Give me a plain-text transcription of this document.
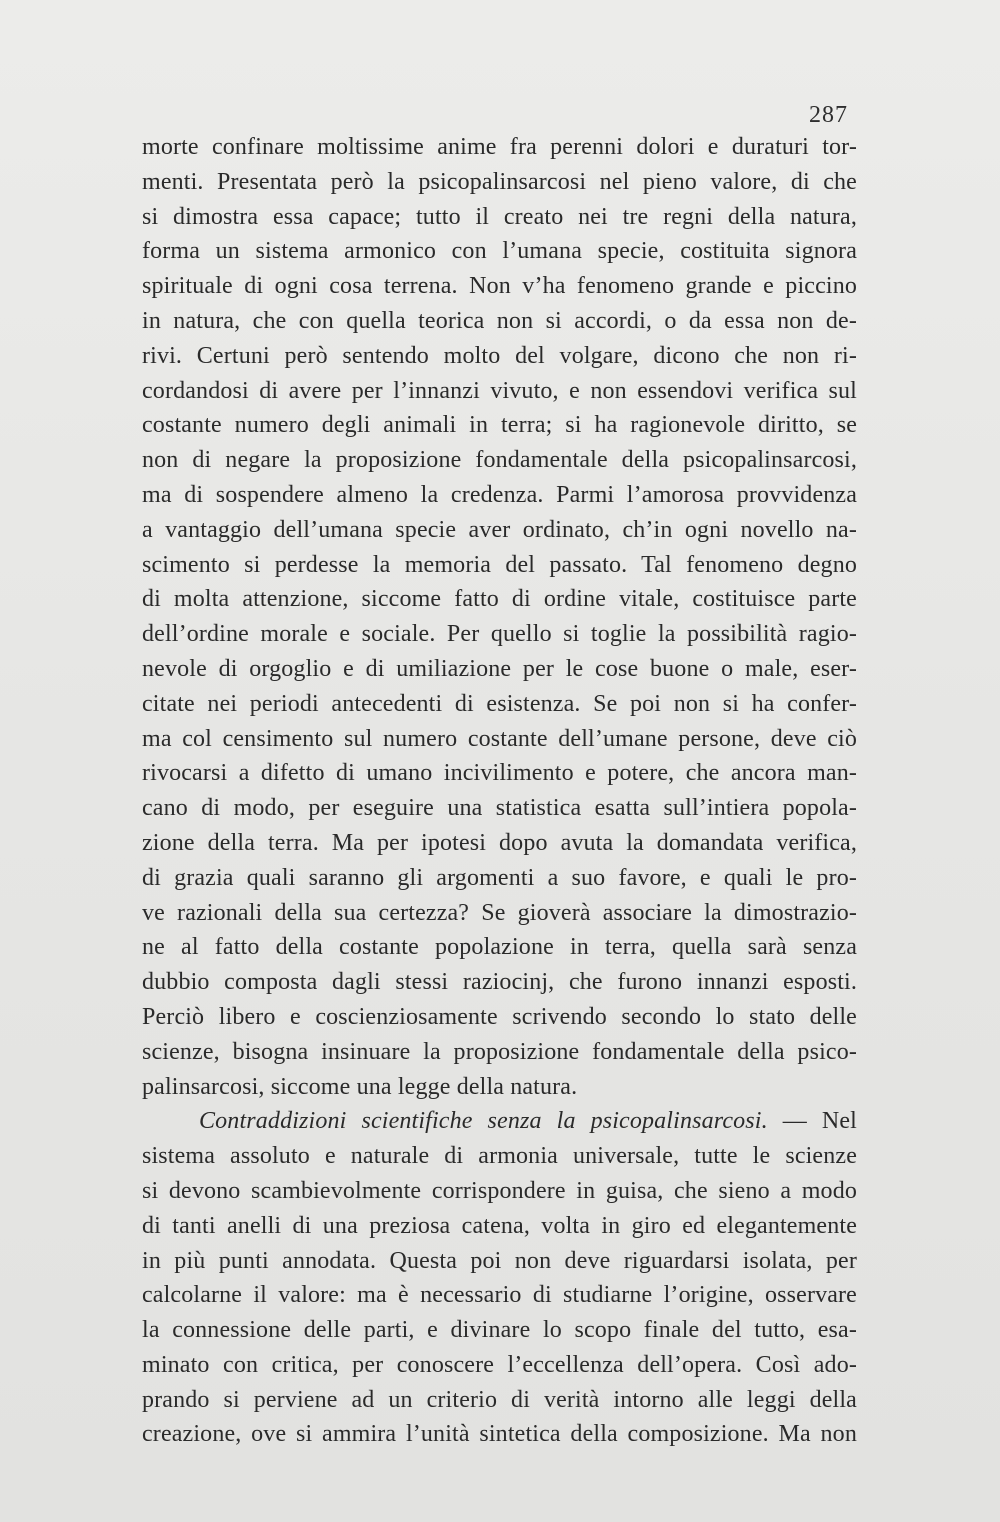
287
morte confinare moltissime anime fra perenni dolori e duraturi tor-
menti. Presentata però la psicopalinsarcosi nel pieno valore, di che
si dimostra essa capace; tutto il creato nei tre regni della natura,
forma un sistema armonico con l’umana specie, costituita signora
spirituale di ogni cosa terrena. Non v’ha fenomeno grande e piccino
in natura, che con quella teorica non si accordi, o da essa non de-
rivi. Certuni però sentendo molto del volgare, dicono che non ri-
cordandosi di avere per l’innanzi vivuto, e non essendovi verifica sul
costante numero degli animali in terra; si ha ragionevole diritto, se
non di negare la proposizione fondamentale della psicopalinsarcosi,
ma di sospendere almeno la credenza. Parmi l’amorosa provvidenza
a vantaggio dell’umana specie aver ordinato, ch’in ogni novello na-
scimento si perdesse la memoria del passato. Tal fenomeno degno
di molta attenzione, siccome fatto di ordine vitale, costituisce parte
dell’ordine morale e sociale. Per quello si toglie la possibilità ragio-
nevole di orgoglio e di umiliazione per le cose buone o male, eser-
citate nei periodi antecedenti di esistenza. Se poi non si ha confer-
ma col censimento sul numero costante dell’umane persone, deve ciò
rivocarsi a difetto di umano incivilimento e potere, che ancora man-
cano di modo, per eseguire una statistica esatta sull’intiera popola-
zione della terra. Ma per ipotesi dopo avuta la domandata verifica,
di grazia quali saranno gli argomenti a suo favore, e quali le pro-
ve razionali della sua certezza? Se gioverà associare la dimostrazio-
ne al fatto della costante popolazione in terra, quella sarà senza
dubbio composta dagli stessi raziocinj, che furono innanzi esposti.
Perciò libero e coscienziosamente scrivendo secondo lo stato delle
scienze, bisogna insinuare la proposizione fondamentale della psico-
palinsarcosi, siccome una legge della natura.
Contraddizioni scientifiche senza la psicopalinsarcosi. — Nel
sistema assoluto e naturale di armonia universale, tutte le scienze
si devono scambievolmente corrispondere in guisa, che sieno a modo
di tanti anelli di una preziosa catena, volta in giro ed elegantemente
in più punti annodata. Questa poi non deve riguardarsi isolata, per
calcolarne il valore: ma è necessario di studiarne l’origine, osservare
la connessione delle parti, e divinare lo scopo finale del tutto, esa-
minato con critica, per conoscere l’eccellenza dell’opera. Così ado-
prando si perviene ad un criterio di verità intorno alle leggi della
creazione, ove si ammira l’unità sintetica della composizione. Ma non
